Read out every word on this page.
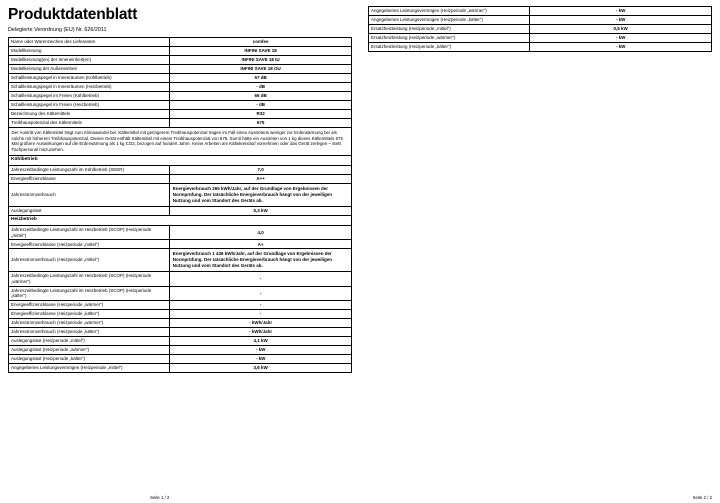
Produktdatenblatt
Delegierte Verordnung (EU) Nr. 626/2011
Name oder Warenzeichen des Lieferanten	comfee
Modellkennung	INFINI SAVE 18
Modellkennung(en) der Inneneinheit(en)	INFINI SAVE 18 IU
Modellkennung der Außeneinheit	INFINI SAVE 18 OU
Schallleistungspegel in Innenräumen (Kühlbetrieb)	57 dB
Schallleistungspegel in Innenräumen (Heizbetrieb)	- dB
Schallleistungspegel im Freien (Kühlbetrieb)	65 dB
Schallleistungspegel im Freien (Heizbetrieb)	- dB
Bezeichnung des Kältemittels	R32
Treibhauspotenzial des Kältemittels	675
Der Austritt von Kältemittel trägt zum Klimawandel bei. Kältemittel mit geringerem Treibhauspotenzial tragen im Fall eines Austretens weniger zur Erderwärmung bei als solche mit höherem Treibhauspotenzial. Dieses Gerät enthält Kältemittel mit einem Treibhauspotenzial von 675. Somit hätte ein Austreten von 1 kg dieses Kältemittels 675 Mal größere Auswirkungen auf die Erderwärmung als 1 kg CO2, bezogen auf hundert Jahre. Keine Arbeiten am Kältekreislauf vornehmen oder das Gerät zerlegen – stets Fachpersonal hinzuziehen.	
Kühlbetrieb	
Jahreszeitbedingte Leistungszahl im Kühlbetrieb (SEER)	7,0
Energieeffizienzklasse	A++
Jahresstromverbrauch	Energieverbrauch 265 kWh/Jahr, auf der Grundlage von Ergebnissen der Normprüfung. Der tatsächliche Energieverbrauch hängt von der jeweiligen Nutzung und vom Standort des Geräts ab.
Auslegungslast	5,3 kW
Heizbetrieb	
Jahreszeitbedingte Leistungszahl im Heizbetrieb (SCOP) (Heizperiode „mittel“)	4,0
Energieeffizienzklasse (Heizperiode „mittel“)	A+
Jahresstromverbrauch (Heizperiode „mittel“)	Energieverbrauch 1 436 kWh/Jahr, auf der Grundlage von Ergebnissen der Normprüfung. Der tatsächliche Energieverbrauch hängt von der jeweiligen Nutzung und vom Standort des Geräts ab.
Jahreszeitbedingte Leistungszahl im Heizbetrieb (SCOP) (Heizperiode „wärmer“)	-
Jahreszeitbedingte Leistungszahl im Heizbetrieb (SCOP) (Heizperiode „kälter“)	-
Energieeffizienzklasse (Heizperiode „wärmer“)	-
Energieeffizienzklasse (Heizperiode „kälter“)	-
Jahresstromverbrauch (Heizperiode „wärmer“)	- kWh/Jahr
Jahresstromverbrauch (Heizperiode „kälter“)	- kWh/Jahr
Auslegungslast (Heizperiode „mittel“)	4,1 kW
Auslegungslast (Heizperiode „wärmer“)	- kW
Auslegungslast (Heizperiode „kälter“)	- kW
Angegebenes Leistungsvermögen (Heizperiode „mittel“)	3,6 kW
Seite 1 / 2
Angegebenes Leistungsvermögen (Heizperiode „wärmer“)	- kW
Angegebenes Leistungsvermögen (Heizperiode „kälter“)	- kW
Ersatzheizleistung (Heizperiode „mittel“)	0,5 kW
Ersatzheizleistung (Heizperiode „wärmer“)	- kW
Ersatzheizleistung (Heizperiode „kälter“)	- kW
Seite 2 / 2
